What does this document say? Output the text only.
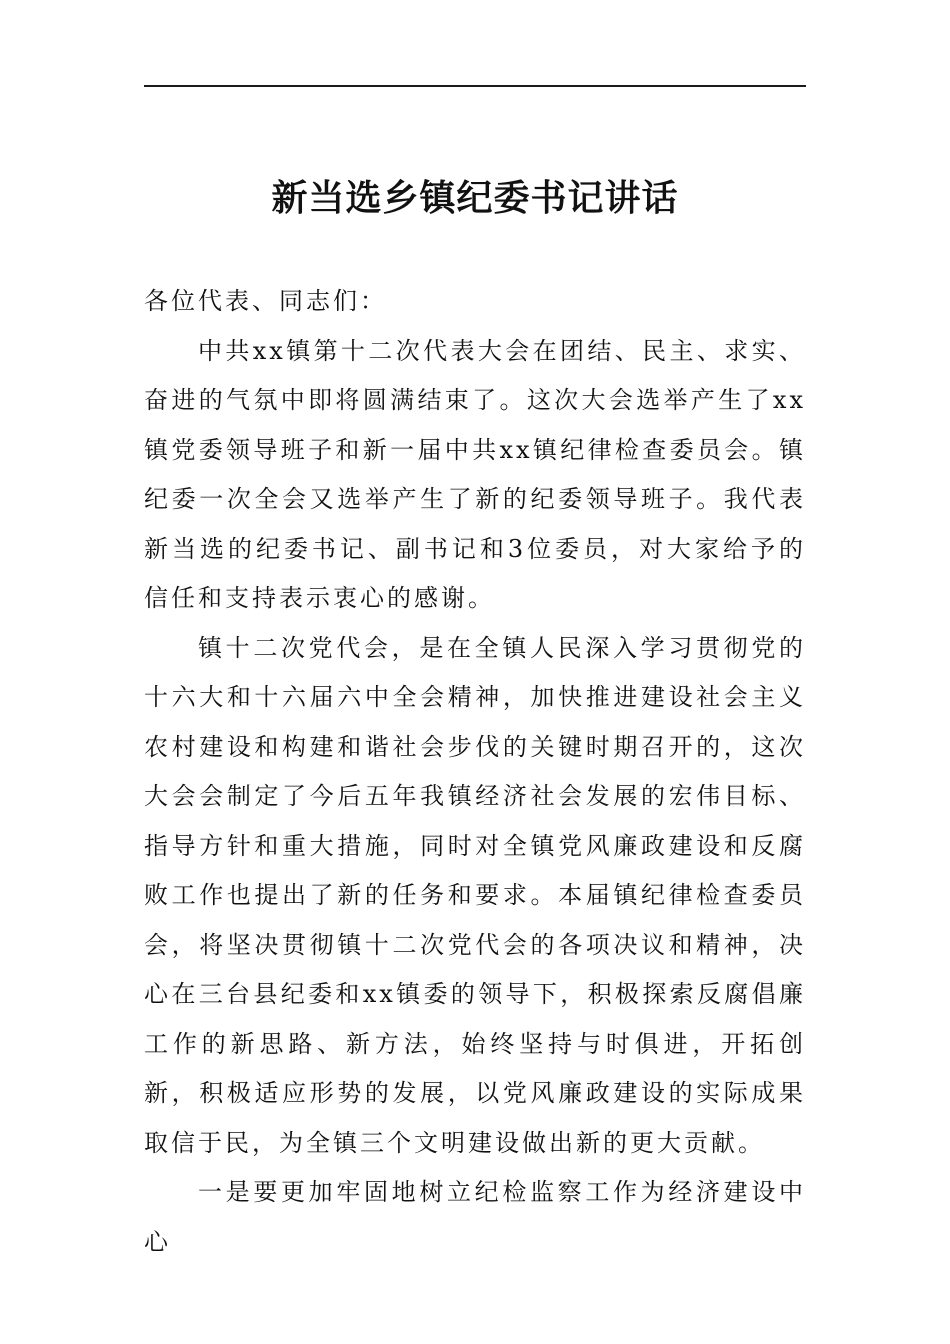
新当选乡镇纪委书记讲话

各位代表、同志们：

中共xx镇第十二次代表大会在团结、民主、求实、奋进的气氛中即将圆满结束了。这次大会选举产生了xx镇党委领导班子和新一届中共xx镇纪律检查委员会。镇纪委一次全会又选举产生了新的纪委领导班子。我代表新当选的纪委书记、副书记和3位委员，对大家给予的信任和支持表示衷心的感谢。

镇十二次党代会，是在全镇人民深入学习贯彻党的十六大和十六届六中全会精神，加快推进建设社会主义农村建设和构建和谐社会步伐的关键时期召开的，这次大会会制定了今后五年我镇经济社会发展的宏伟目标、指导方针和重大措施，同时对全镇党风廉政建设和反腐败工作也提出了新的任务和要求。本届镇纪律检查委员会，将坚决贯彻镇十二次党代会的各项决议和精神，决心在三台县纪委和xx镇委的领导下，积极探索反腐倡廉工作的新思路、新方法，始终坚持与时俱进，开拓创新，积极适应形势的发展，以党风廉政建设的实际成果取信于民，为全镇三个文明建设做出新的更大贡献。

一是要更加牢固地树立纪检监察工作为经济建设中心
